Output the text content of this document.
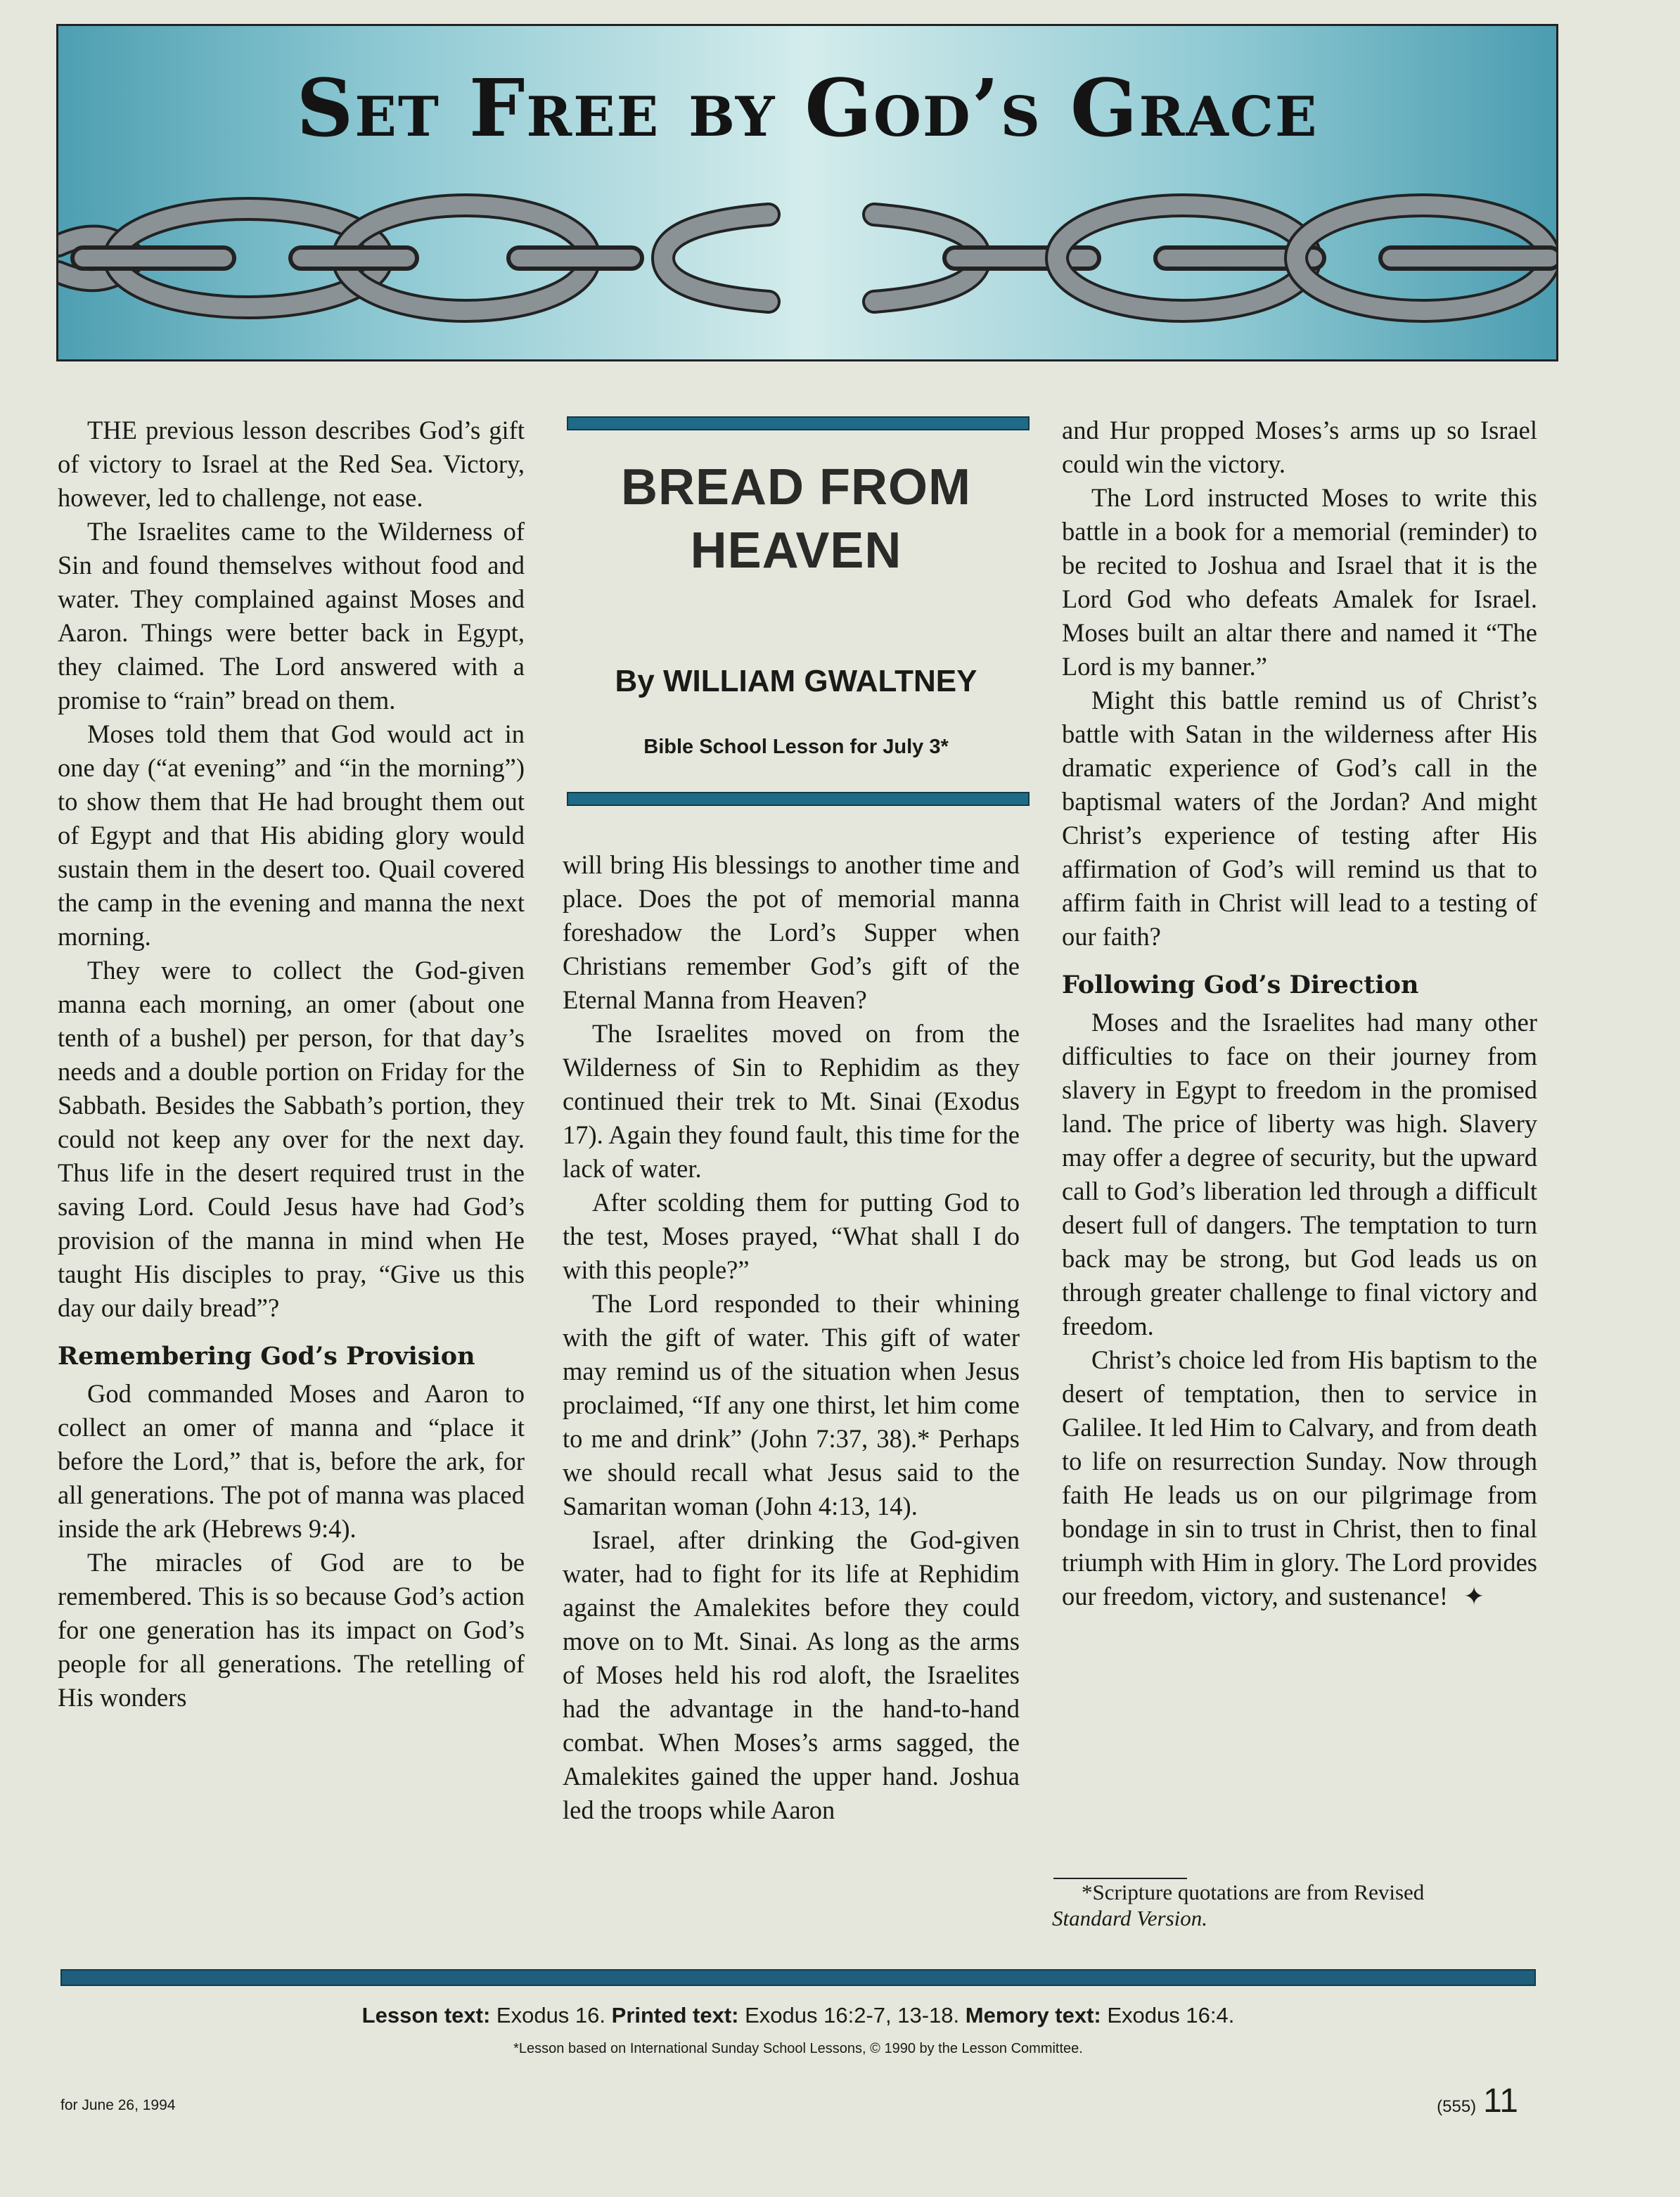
Set Free by God’s Grace

THE previous lesson describes God’s gift of victory to Israel at the Red Sea. Victory, however, led to challenge, not ease.

The Israelites came to the Wilderness of Sin and found themselves without food and water. They complained against Moses and Aaron. Things were better back in Egypt, they claimed. The Lord answered with a promise to “rain” bread on them.

Moses told them that God would act in one day (“at evening” and “in the morning”) to show them that He had brought them out of Egypt and that His abiding glory would sustain them in the desert too. Quail covered the camp in the evening and manna the next morning.

They were to collect the God-given manna each morning, an omer (about one tenth of a bushel) per person, for that day’s needs and a double portion on Friday for the Sabbath. Besides the Sabbath’s portion, they could not keep any over for the next day. Thus life in the desert required trust in the saving Lord. Could Jesus have had God’s provision of the manna in mind when He taught His disciples to pray, “Give us this day our daily bread”?

Remembering God’s Provision

God commanded Moses and Aaron to collect an omer of manna and “place it before the Lord,” that is, before the ark, for all generations. The pot of manna was placed inside the ark (Hebrews 9:4).

The miracles of God are to be remembered. This is so because God’s action for one generation has its impact on God’s people for all generations. The retelling of His wonders

BREAD FROM
HEAVEN
By WILLIAM GWALTNEY
Bible School Lesson for July 3*

will bring His blessings to another time and place. Does the pot of memorial manna foreshadow the Lord’s Supper when Christians remember God’s gift of the Eternal Manna from Heaven?

The Israelites moved on from the Wilderness of Sin to Rephidim as they continued their trek to Mt. Sinai (Exodus 17). Again they found fault, this time for the lack of water.

After scolding them for putting God to the test, Moses prayed, “What shall I do with this people?”

The Lord responded to their whining with the gift of water. This gift of water may remind us of the situation when Jesus proclaimed, “If any one thirst, let him come to me and drink” (John 7:37, 38).* Perhaps we should recall what Jesus said to the Samaritan woman (John 4:13, 14).

Israel, after drinking the God-given water, had to fight for its life at Rephidim against the Amalekites before they could move on to Mt. Sinai. As long as the arms of Moses held his rod aloft, the Israelites had the advantage in the hand-to-hand combat. When Moses’s arms sagged, the Amalekites gained the upper hand. Joshua led the troops while Aaron

and Hur propped Moses’s arms up so Israel could win the victory.

The Lord instructed Moses to write this battle in a book for a memorial (reminder) to be recited to Joshua and Israel that it is the Lord God who defeats Amalek for Israel. Moses built an altar there and named it “The Lord is my banner.”

Might this battle remind us of Christ’s battle with Satan in the wilderness after His dramatic experience of God’s call in the baptismal waters of the Jordan? And might Christ’s experience of testing after His affirmation of God’s will remind us that to affirm faith in Christ will lead to a testing of our faith?

Following God’s Direction

Moses and the Israelites had many other difficulties to face on their journey from slavery in Egypt to freedom in the promised land. The price of liberty was high. Slavery may offer a degree of security, but the upward call to God’s liberation led through a difficult desert full of dangers. The temptation to turn back may be strong, but God leads us on through greater challenge to final victory and freedom.

Christ’s choice led from His baptism to the desert of temptation, then to service in Galilee. It led Him to Calvary, and from death to life on resurrection Sunday. Now through faith He leads us on our pilgrimage from bondage in sin to trust in Christ, then to final triumph with Him in glory. The Lord provides our freedom, victory, and sustenance! ✦

*Scripture quotations are from Revised
Standard Version.
Lesson text: Exodus 16. Printed text: Exodus 16:2-7, 13-18. Memory text: Exodus 16:4.
*Lesson based on International Sunday School Lessons, © 1990 by the Lesson Committee.
for June 26, 1994	(555) 11
